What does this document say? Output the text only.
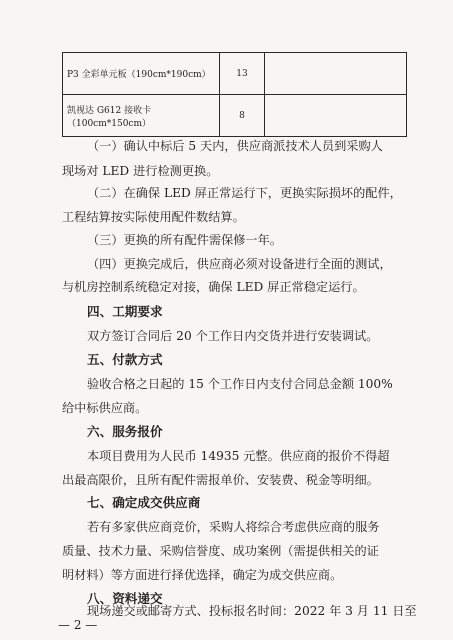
P3 全彩单元板（190cm*190cm）	13	
凯视达 G612 接收卡（100cm*150cm）	8	
（一）确认中标后 5 天内，供应商派技术人员到采购人
现场对 LED 进行检测更换。
（二）在确保 LED 屏正常运行下，更换实际损坏的配件，
工程结算按实际使用配件数结算。
（三）更换的所有配件需保修一年。
（四）更换完成后，供应商必须对设备进行全面的测试，
与机房控制系统稳定对接，确保 LED 屏正常稳定运行。
四、工期要求
双方签订合同后 20 个工作日内交货并进行安装调试。
五、付款方式
验收合格之日起的 15 个工作日内支付合同总金额 100%
给中标供应商。
六、服务报价
本项目费用为人民币 14935 元整。供应商的报价不得超
出最高限价，且所有配件需报单价、安装费、税金等明细。
七、确定成交供应商
若有多家供应商竞价，采购人将综合考虑供应商的服务
质量、技术力量、采购信誉度、成功案例（需提供相关的证
明材料）等方面进行择优选择，确定为成交供应商。
八、资料递交
现场递交或邮寄方式、投标报名时间：2022 年 3 月 11 日至
— 2 —
